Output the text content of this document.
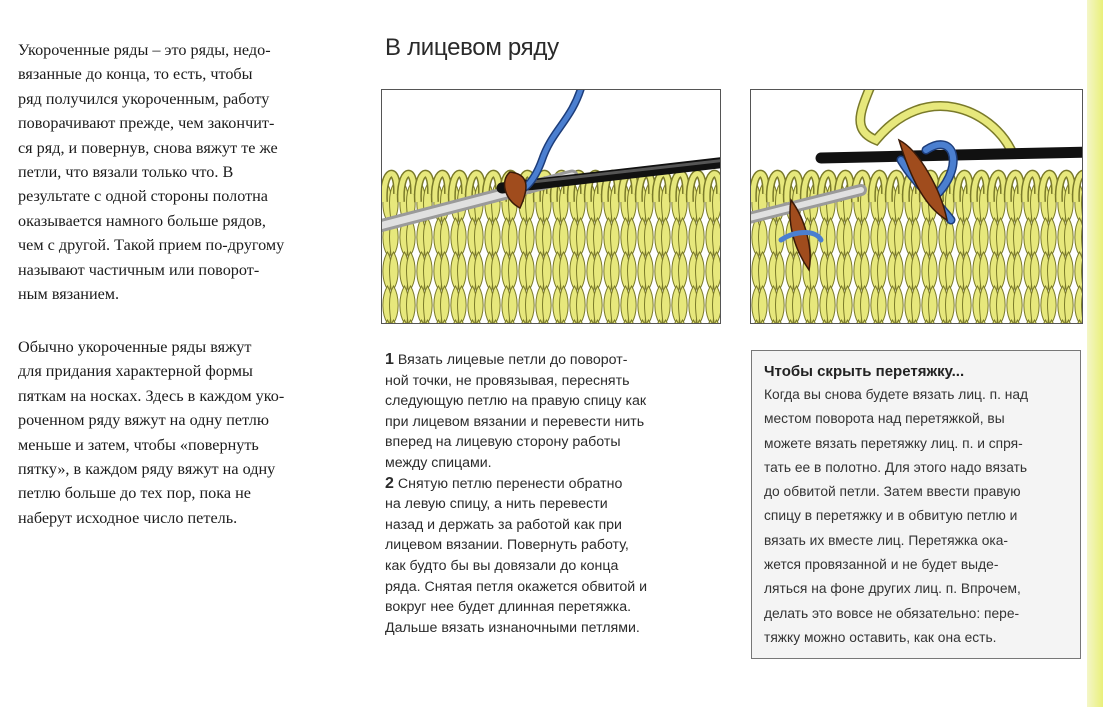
Укороченные ряды – это ряды, недо-
вязанные до конца, то есть, чтобы
ряд получился укороченным, работу
поворачивают прежде, чем закончит-
ся ряд, и повернув, снова вяжут те же
петли, что вязали только что. В
результате с одной стороны полотна
оказывается намного больше рядов,
чем с другой. Такой прием по-другому
называют частичным или поворот-
ным вязанием.
Обычно укороченные ряды вяжут
для придания характерной формы
пяткам на носках. Здесь в каждом уко-
роченном ряду вяжут на одну петлю
меньше и затем, чтобы «повернуть
пятку», в каждом ряду вяжут на одну
петлю больше до тех пор, пока не
наберут исходное число петель.
В лицевом ряду
1 Вязать лицевые петли до поворот-
ной точки, не провязывая, переснять
следующую петлю на правую спицу как
при лицевом вязании и перевести нить
вперед на лицевую сторону работы
между спицами.
2 Снятую петлю перенести обратно
на левую спицу, а нить перевести
назад и держать за работой как при
лицевом вязании. Повернуть работу,
как будто бы вы довязали до конца
ряда. Снятая петля окажется обвитой и
вокруг нее будет длинная перетяжка.
Дальше вязать изнаночными петлями.
Чтобы скрыть перетяжку...
Когда вы снова будете вязать лиц. п. над
местом поворота над перетяжкой, вы
можете вязать перетяжку лиц. п. и спря-
тать ее в полотно. Для этого надо вязать
до обвитой петли. Затем ввести правую
спицу в перетяжку и в обвитую петлю и
вязать их вместе лиц. Перетяжка ока-
жется провязанной и не будет выде-
ляться на фоне других лиц. п. Впрочем,
делать это вовсе не обязательно: пере-
тяжку можно оставить, как она есть.
